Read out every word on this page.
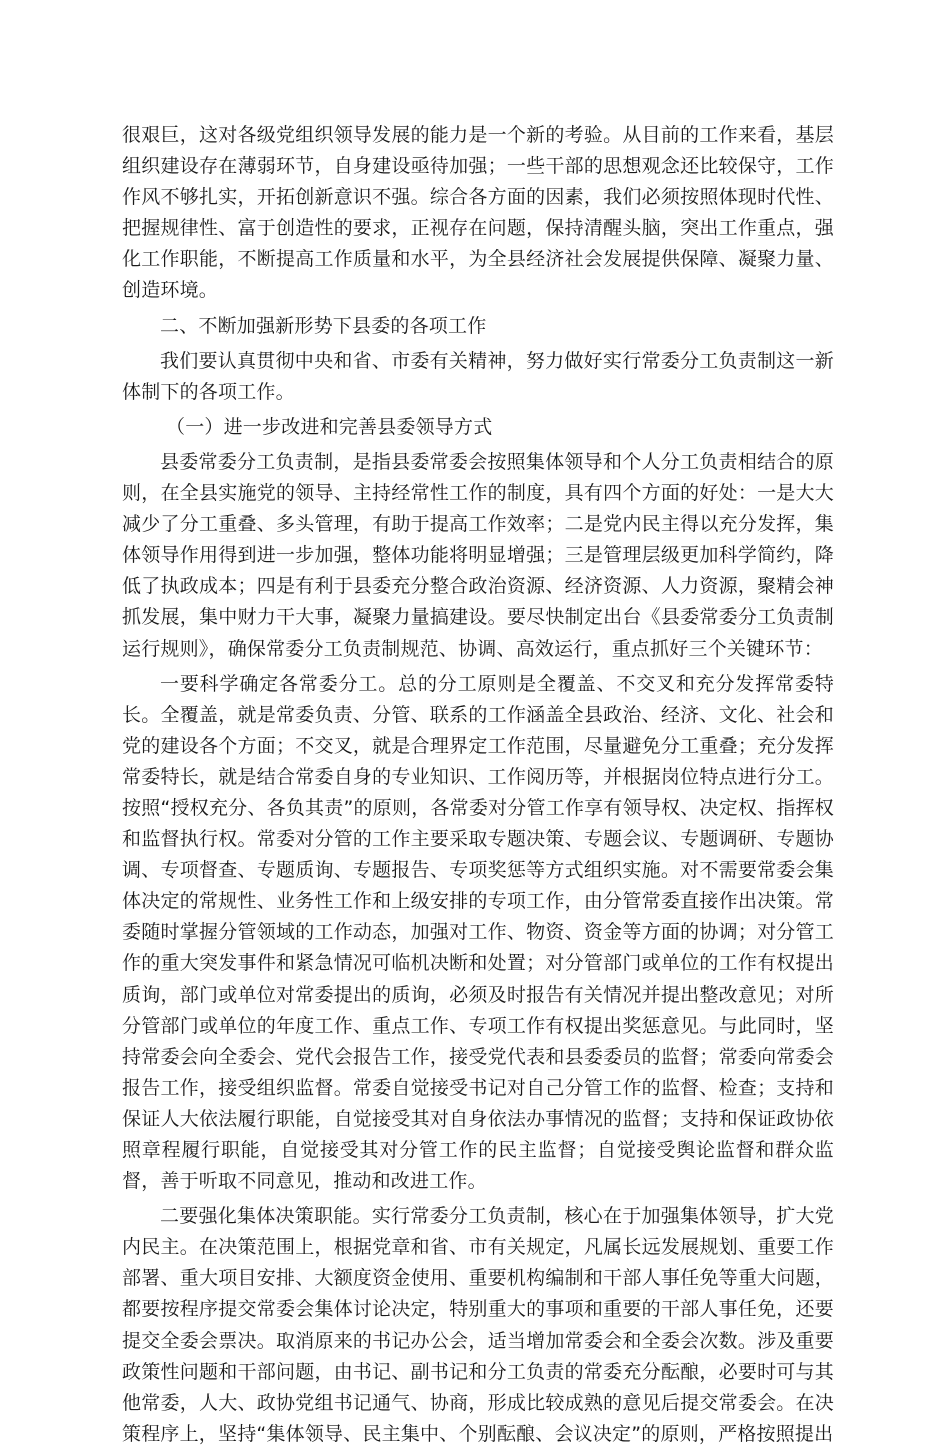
很艰巨，这对各级党组织领导发展的能力是一个新的考验。从目前的工作来看，基层组织建设存在薄弱环节，自身建设亟待加强；一些干部的思想观念还比较保守，工作作风不够扎实，开拓创新意识不强。综合各方面的因素，我们必须按照体现时代性、把握规律性、富于创造性的要求，正视存在问题，保持清醒头脑，突出工作重点，强化工作职能，不断提高工作质量和水平，为全县经济社会发展提供保障、凝聚力量、创造环境。

二、不断加强新形势下县委的各项工作

我们要认真贯彻中央和省、市委有关精神，努力做好实行常委分工负责制这一新体制下的各项工作。

（一）进一步改进和完善县委领导方式

县委常委分工负责制，是指县委常委会按照集体领导和个人分工负责相结合的原则，在全县实施党的领导、主持经常性工作的制度，具有四个方面的好处：一是大大减少了分工重叠、多头管理，有助于提高工作效率；二是党内民主得以充分发挥，集体领导作用得到进一步加强，整体功能将明显增强；三是管理层级更加科学简约，降低了执政成本；四是有利于县委充分整合政治资源、经济资源、人力资源，聚精会神抓发展，集中财力干大事，凝聚力量搞建设。要尽快制定出台《县委常委分工负责制运行规则》，确保常委分工负责制规范、协调、高效运行，重点抓好三个关键环节：

一要科学确定各常委分工。总的分工原则是全覆盖、不交叉和充分发挥常委特长。全覆盖，就是常委负责、分管、联系的工作涵盖全县政治、经济、文化、社会和党的建设各个方面；不交叉，就是合理界定工作范围，尽量避免分工重叠；充分发挥常委特长，就是结合常委自身的专业知识、工作阅历等，并根据岗位特点进行分工。按照“授权充分、各负其责”的原则，各常委对分管工作享有领导权、决定权、指挥权和监督执行权。常委对分管的工作主要采取专题决策、专题会议、专题调研、专题协调、专项督查、专题质询、专题报告、专项奖惩等方式组织实施。对不需要常委会集体决定的常规性、业务性工作和上级安排的专项工作，由分管常委直接作出决策。常委随时掌握分管领域的工作动态，加强对工作、物资、资金等方面的协调；对分管工作的重大突发事件和紧急情况可临机决断和处置；对分管部门或单位的工作有权提出质询，部门或单位对常委提出的质询，必须及时报告有关情况并提出整改意见；对所分管部门或单位的年度工作、重点工作、专项工作有权提出奖惩意见。与此同时，坚持常委会向全委会、党代会报告工作，接受党代表和县委委员的监督；常委向常委会报告工作，接受组织监督。常委自觉接受书记对自己分管工作的监督、检查；支持和保证人大依法履行职能，自觉接受其对自身依法办事情况的监督；支持和保证政协依照章程履行职能，自觉接受其对分管工作的民主监督；自觉接受舆论监督和群众监督，善于听取不同意见，推动和改进工作。

二要强化集体决策职能。实行常委分工负责制，核心在于加强集体领导，扩大党内民主。在决策范围上，根据党章和省、市有关规定，凡属长远发展规划、重要工作部署、重大项目安排、大额度资金使用、重要机构编制和干部人事任免等重大问题，都要按程序提交常委会集体讨论决定，特别重大的事项和重要的干部人事任免，还要提交全委会票决。取消原来的书记办公会，适当增加常委会和全委会次数。涉及重要政策性问题和干部问题，由书记、副书记和分工负责的常委充分酝酿，必要时可与其他常委，人大、政协党组书记通气、协商，形成比较成熟的意见后提交常委会。在决策程序上，坚持“集体领导、民主集中、个别酝酿、会议决定”的原则，严格按照提出
